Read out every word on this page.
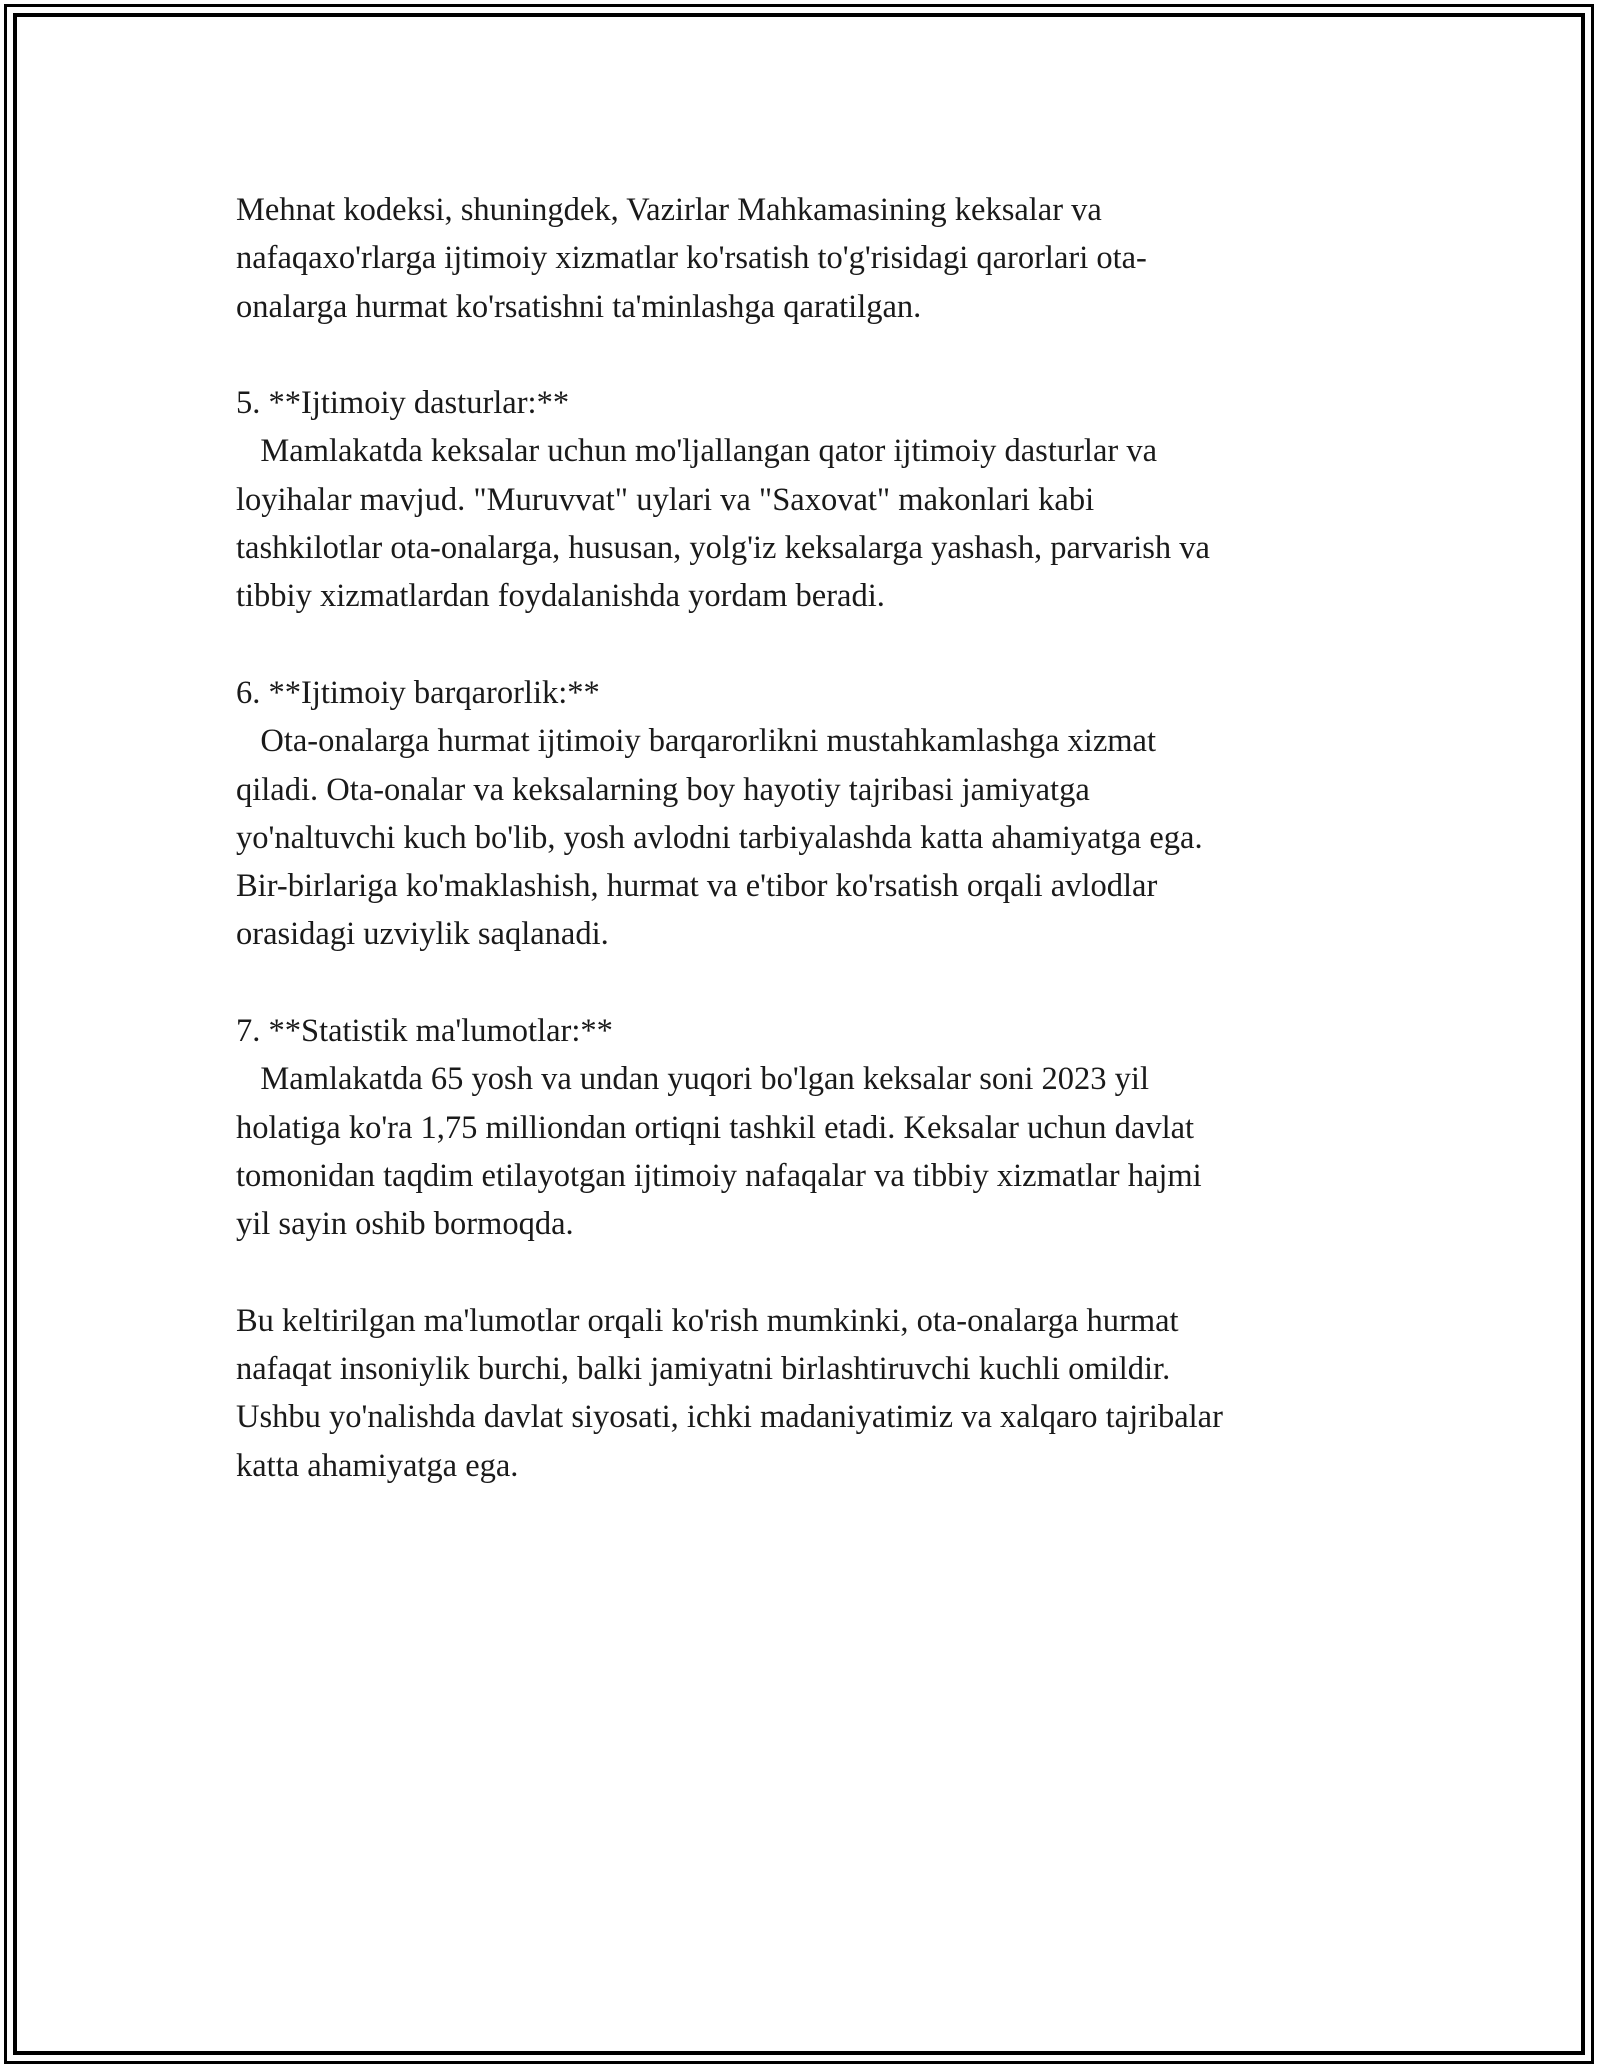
Mehnat kodeksi, shuningdek, Vazirlar Mahkamasining keksalar va
nafaqaxo'rlarga ijtimoiy xizmatlar ko'rsatish to'g'risidagi qarorlari ota-
onalarga hurmat ko'rsatishni ta'minlashga qaratilgan.
5. **Ijtimoiy dasturlar:**
Mamlakatda keksalar uchun mo'ljallangan qator ijtimoiy dasturlar va
loyihalar mavjud. "Muruvvat" uylari va "Saxovat" makonlari kabi
tashkilotlar ota-onalarga, hususan, yolg'iz keksalarga yashash, parvarish va
tibbiy xizmatlardan foydalanishda yordam beradi.
6. **Ijtimoiy barqarorlik:**
Ota-onalarga hurmat ijtimoiy barqarorlikni mustahkamlashga xizmat
qiladi. Ota-onalar va keksalarning boy hayotiy tajribasi jamiyatga
yo'naltuvchi kuch bo'lib, yosh avlodni tarbiyalashda katta ahamiyatga ega.
Bir-birlariga ko'maklashish, hurmat va e'tibor ko'rsatish orqali avlodlar
orasidagi uzviylik saqlanadi.
7. **Statistik ma'lumotlar:**
Mamlakatda 65 yosh va undan yuqori bo'lgan keksalar soni 2023 yil
holatiga ko'ra 1,75 milliondan ortiqni tashkil etadi. Keksalar uchun davlat
tomonidan taqdim etilayotgan ijtimoiy nafaqalar va tibbiy xizmatlar hajmi
yil sayin oshib bormoqda.
Bu keltirilgan ma'lumotlar orqali ko'rish mumkinki, ota-onalarga hurmat
nafaqat insoniylik burchi, balki jamiyatni birlashtiruvchi kuchli omildir.
Ushbu yo'nalishda davlat siyosati, ichki madaniyatimiz va xalqaro tajribalar
katta ahamiyatga ega.
